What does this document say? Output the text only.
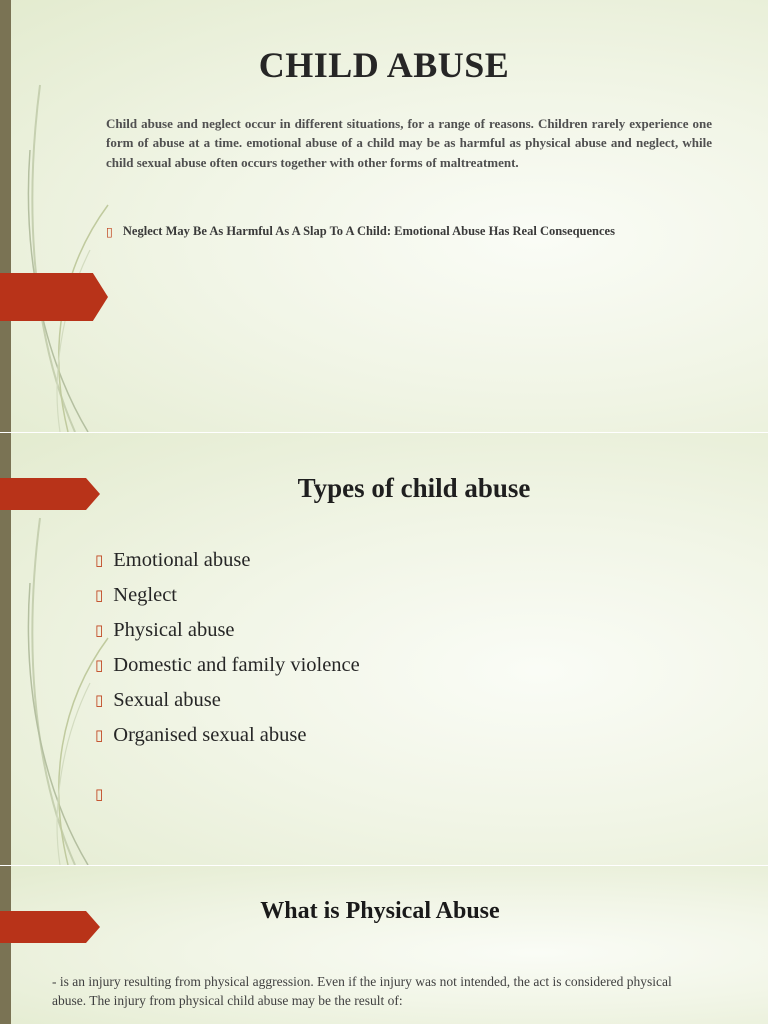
CHILD ABUSE

Child abuse and neglect occur in different situations, for a range of reasons. Children rarely experience one form of abuse at a time. emotional abuse of a child may be as harmful as physical abuse and neglect, while child sexual abuse often occurs together with other forms of maltreatment.

▯ Neglect May Be As Harmful As A Slap To A Child: Emotional Abuse Has Real Consequences
Types of child abuse
▯ Emotional abuse
▯ Neglect
▯ Physical abuse
▯ Domestic and family violence
▯ Sexual abuse
▯ Organised sexual abuse
▯
What is Physical Abuse

- is an injury resulting from physical aggression. Even if the injury was not intended, the act is considered physical abuse. The injury from physical child abuse may be the result of:
